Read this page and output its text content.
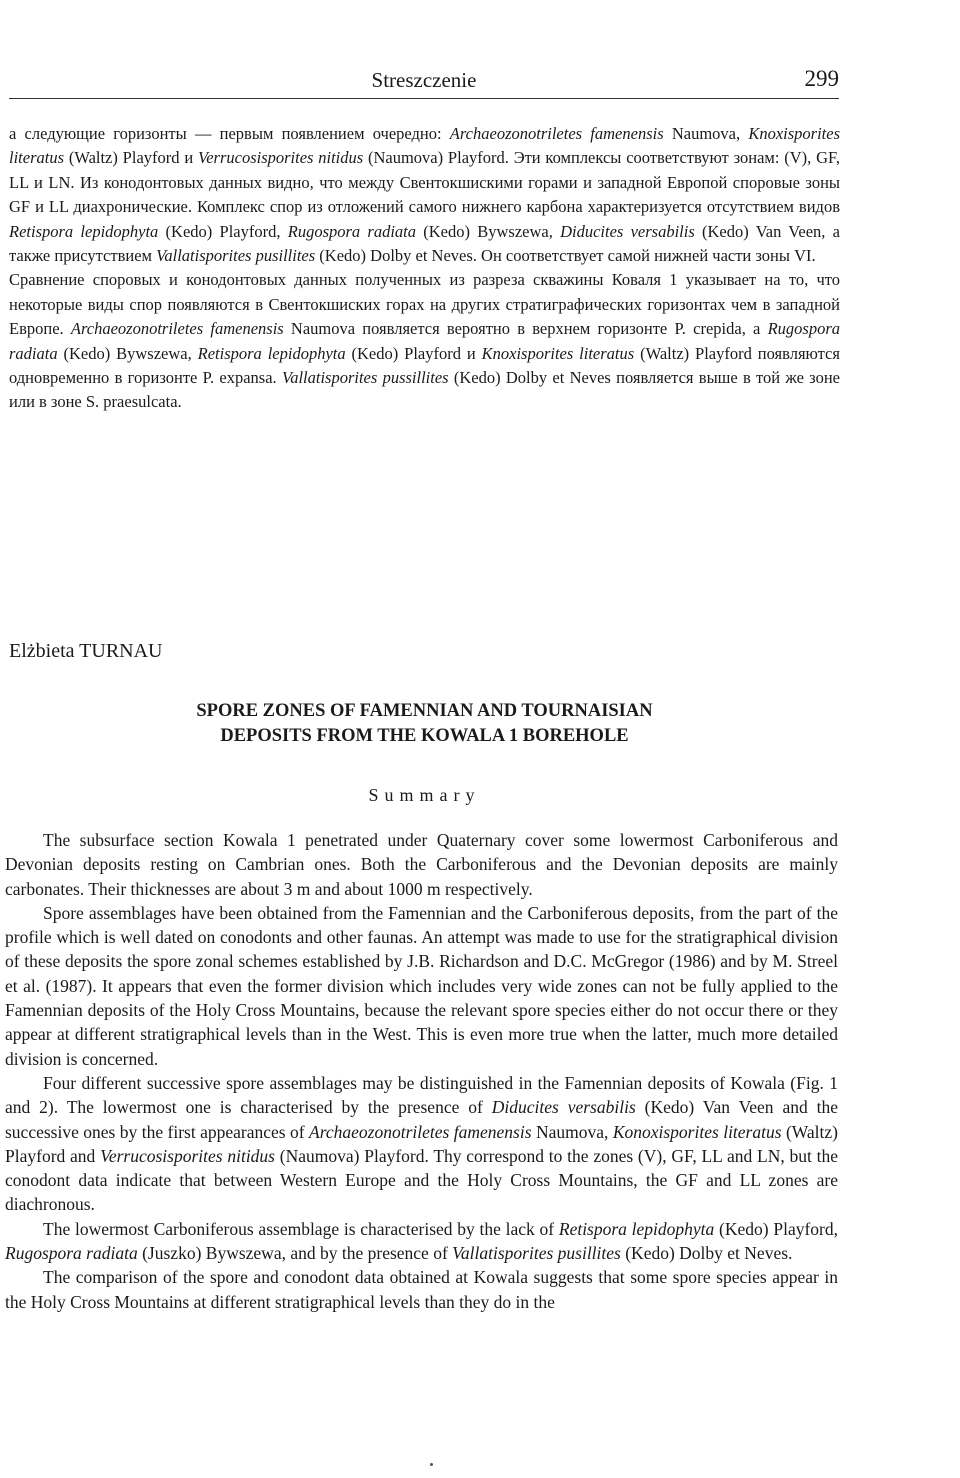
Streszczenie	299

а следующие горизонты — первым появлением очередно: Archaeozonotriletes famenensis Naumova, Knoxisporites literatus (Waltz) Playford и Verrucosisporites nitidus (Naumova) Playford. Эти комплексы соответствуют зонам: (V), GF, LL и LN. Из конодонтовых данных видно, что между Свентокшискими горами и западной Европой споровые зоны GF и LL диахронические. Комплекс спор из отложений самого нижнего карбона характеризуется отсутствием видов Retispora lepidophyta (Kedo) Playford, Rugospora radiata (Kedo) Bywszewa, Diducites versabilis (Kedo) Van Veen, а также присутствием Vallatisporites pusillites (Kedo) Dolby et Neves. Он соответствует самой нижней части зоны VI.

Сравнение споровых и конодонтовых данных полученных из разреза скважины Коваля 1 указывает на то, что некоторые виды спор появляются в Свентокшиских горах на других стратиграфических горизонтах чем в западной Европе. Archaeozonotriletes famenensis Naumova появляется вероятно в верхнем горизонте P. crepida, а Rugospora radiata (Kedo) Bywszewa, Retispora lepidophyta (Kedo) Playford и Knoxisporites literatus (Waltz) Playford появляются одновременно в горизонте P. expansa. Vallatisporites pussillites (Kedo) Dolby et Neves появляется выше в той же зоне или в зоне S. praesulcata.

Elżbieta TURNAU
SPORE ZONES OF FAMENNIAN AND TOURNAISIAN
DEPOSITS FROM THE KOWALA 1 BOREHOLE
Summary

The subsurface section Kowala 1 penetrated under Quaternary cover some lowermost Carboniferous and Devonian deposits resting on Cambrian ones. Both the Carboniferous and the Devonian deposits are mainly carbonates. Their thicknesses are about 3 m and about 1000 m respectively.

Spore assemblages have been obtained from the Famennian and the Carboniferous deposits, from the part of the profile which is well dated on conodonts and other faunas. An attempt was made to use for the stratigraphical division of these deposits the spore zonal schemes established by J.B. Richardson and D.C. McGregor (1986) and by M. Streel et al. (1987). It appears that even the former division which includes very wide zones can not be fully applied to the Famennian deposits of the Holy Cross Mountains, because the relevant spore species either do not occur there or they appear at different stratigraphical levels than in the West. This is even more true when the latter, much more detailed division is concerned.

Four different successive spore assemblages may be distinguished in the Famennian deposits of Kowala (Fig. 1 and 2). The lowermost one is characterised by the presence of Diducites versabilis (Kedo) Van Veen and the successive ones by the first appearances of Archaeozonotriletes famenensis Naumova, Konoxisporites literatus (Waltz) Playford and Verrucosisporites nitidus (Naumova) Playford. Thy correspond to the zones (V), GF, LL and LN, but the conodont data indicate that between Western Europe and the Holy Cross Mountains, the GF and LL zones are diachronous.

The lowermost Carboniferous assemblage is characterised by the lack of Retispora lepidophyta (Kedo) Playford, Rugospora radiata (Juszko) Bywszewa, and by the presence of Vallatisporites pusillites (Kedo) Dolby et Neves.

The comparison of the spore and conodont data obtained at Kowala suggests that some spore species appear in the Holy Cross Mountains at different stratigraphical levels than they do in the
